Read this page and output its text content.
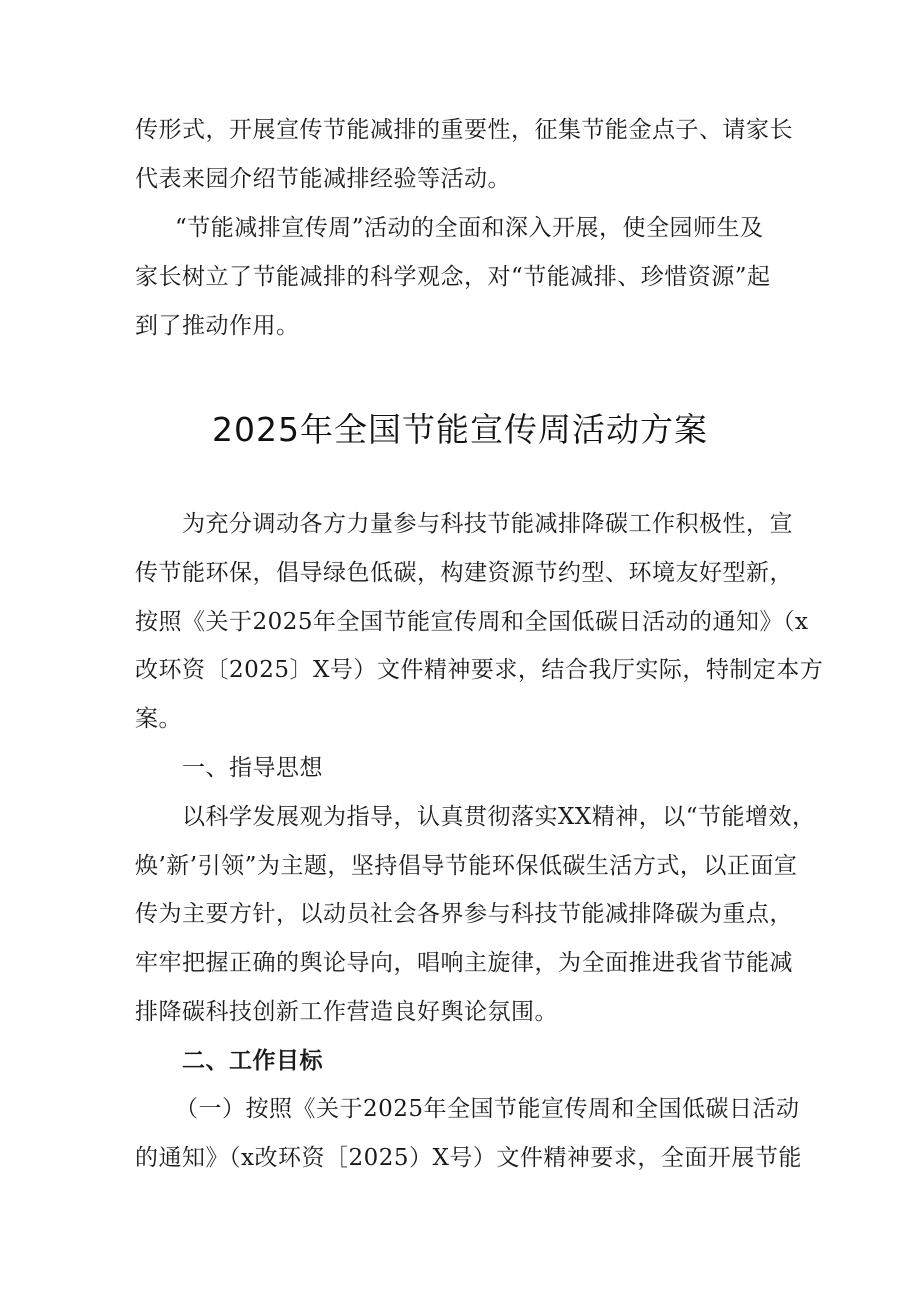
传形式，开展宣传节能减排的重要性，征集节能金点子、请家长
代表来园介绍节能减排经验等活动。
“节能减排宣传周”活动的全面和深入开展，使全园师生及
家长树立了节能减排的科学观念，对“节能减排、珍惜资源”起
到了推动作用。
2025年全国节能宣传周活动方案
为充分调动各方力量参与科技节能减排降碳工作积极性，宣
传节能环保，倡导绿色低碳，构建资源节约型、环境友好型新，
按照《关于2025年全国节能宣传周和全国低碳日活动的通知》（x
改环资〔2025〕X号）文件精神要求，结合我厅实际，特制定本方
案。
一、指导思想
以科学发展观为指导，认真贯彻落实XX精神，以“节能增效，
焕’新’引领”为主题，坚持倡导节能环保低碳生活方式，以正面宣
传为主要方针，以动员社会各界参与科技节能减排降碳为重点，
牢牢把握正确的舆论导向，唱响主旋律，为全面推进我省节能减
排降碳科技创新工作营造良好舆论氛围。
二、工作目标
（一）按照《关于2025年全国节能宣传周和全国低碳日活动
的通知》（x改环资［2025）X号）文件精神要求，全面开展节能
